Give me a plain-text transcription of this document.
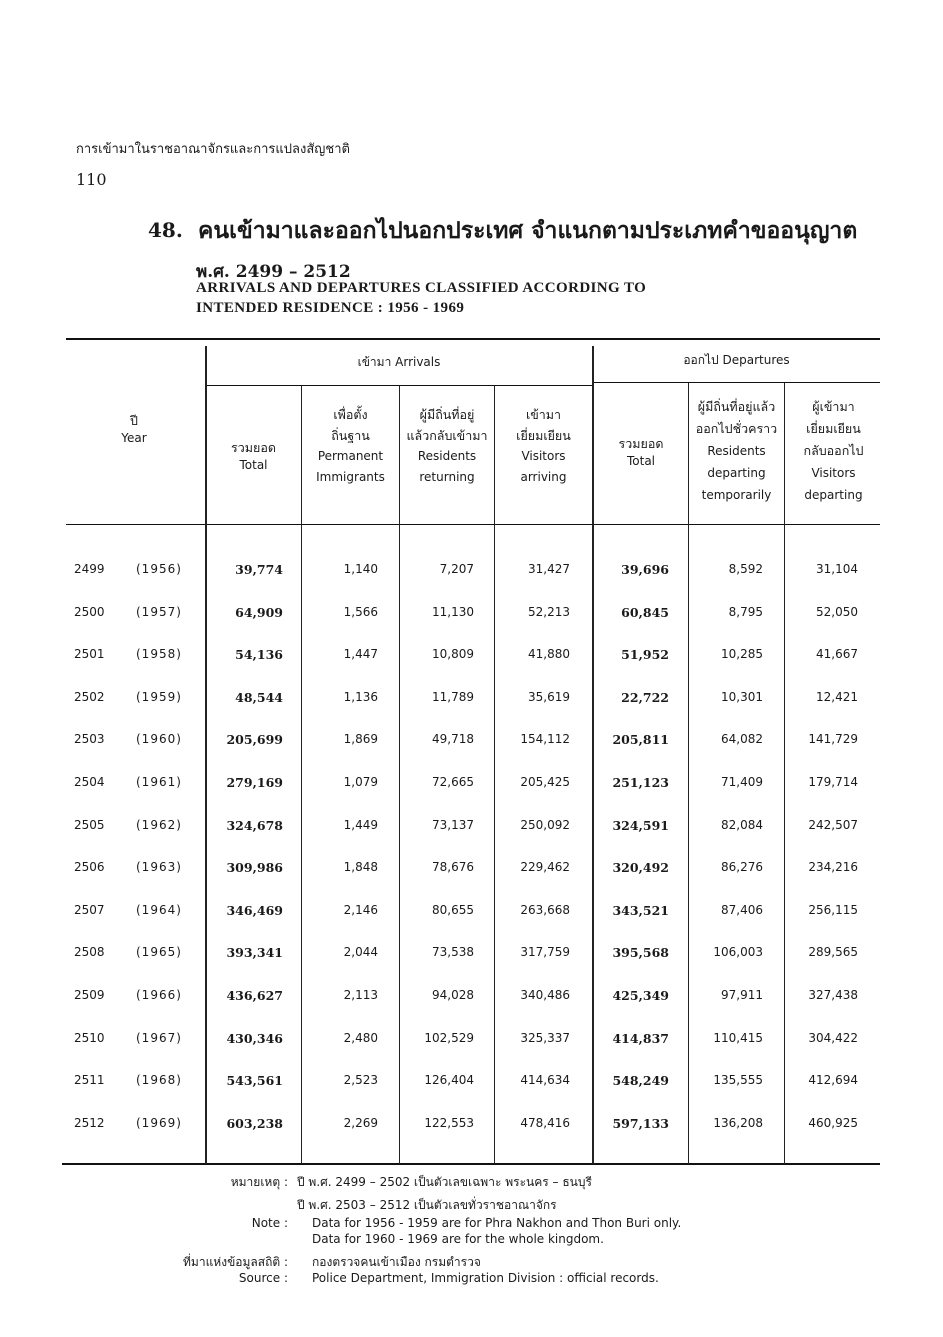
การเข้ามาในราชอาณาจักรและการแปลงสัญชาติ
110
48. คนเข้ามาและออกไปนอกประเทศ จำแนกตามประเภทคำขออนุญาต
พ.ศ. 2499 – 2512
ARRIVALS AND DEPARTURES CLASSIFIED ACCORDING TO
INTENDED RESIDENCE : 1956 - 1969
ปี
Year
เข้ามา Arrivals	ออกไป Departures
รวมยอด
Total
เพื่อตั้ง
ถิ่นฐาน
Permanent
Immigrants
ผู้มีถิ่นที่อยู่
แล้วกลับเข้ามา
Residents
returning
เข้ามา
เยี่ยมเยียน
Visitors
arriving
รวมยอด
Total
ผู้มีถิ่นที่อยู่แล้ว
ออกไปชั่วคราว
Residents
departing
temporarily
ผู้เข้ามา
เยี่ยมเยียน
กลับออกไป
Visitors
departing
2499	(1956)	39,774	1,140	7,207	31,427	39,696	8,592	31,104
2500	(1957)	64,909	1,566	11,130	52,213	60,845	8,795	52,050
2501	(1958)	54,136	1,447	10,809	41,880	51,952	10,285	41,667
2502	(1959)	48,544	1,136	11,789	35,619	22,722	10,301	12,421
2503	(1960)	205,699	1,869	49,718	154,112	205,811	64,082	141,729
2504	(1961)	279,169	1,079	72,665	205,425	251,123	71,409	179,714
2505	(1962)	324,678	1,449	73,137	250,092	324,591	82,084	242,507
2506	(1963)	309,986	1,848	78,676	229,462	320,492	86,276	234,216
2507	(1964)	346,469	2,146	80,655	263,668	343,521	87,406	256,115
2508	(1965)	393,341	2,044	73,538	317,759	395,568	106,003	289,565
2509	(1966)	436,627	2,113	94,028	340,486	425,349	97,911	327,438
2510	(1967)	430,346	2,480	102,529	325,337	414,837	110,415	304,422
2511	(1968)	543,561	2,523	126,404	414,634	548,249	135,555	412,694
2512	(1969)	603,238	2,269	122,553	478,416	597,133	136,208	460,925
หมายเหตุ : ปี พ.ศ. 2499 – 2502 เป็นตัวเลขเฉพาะ พระนคร – ธนบุรี
ปี พ.ศ. 2503 – 2512 เป็นตัวเลขทั่วราชอาณาจักร
Note : Data for 1956 - 1959 are for Phra Nakhon and Thon Buri only.
Data for 1960 - 1969 are for the whole kingdom.
ที่มาแห่งข้อมูลสถิติ : กองตรวจคนเข้าเมือง กรมตำรวจ
Source : Police Department, Immigration Division : official records.
